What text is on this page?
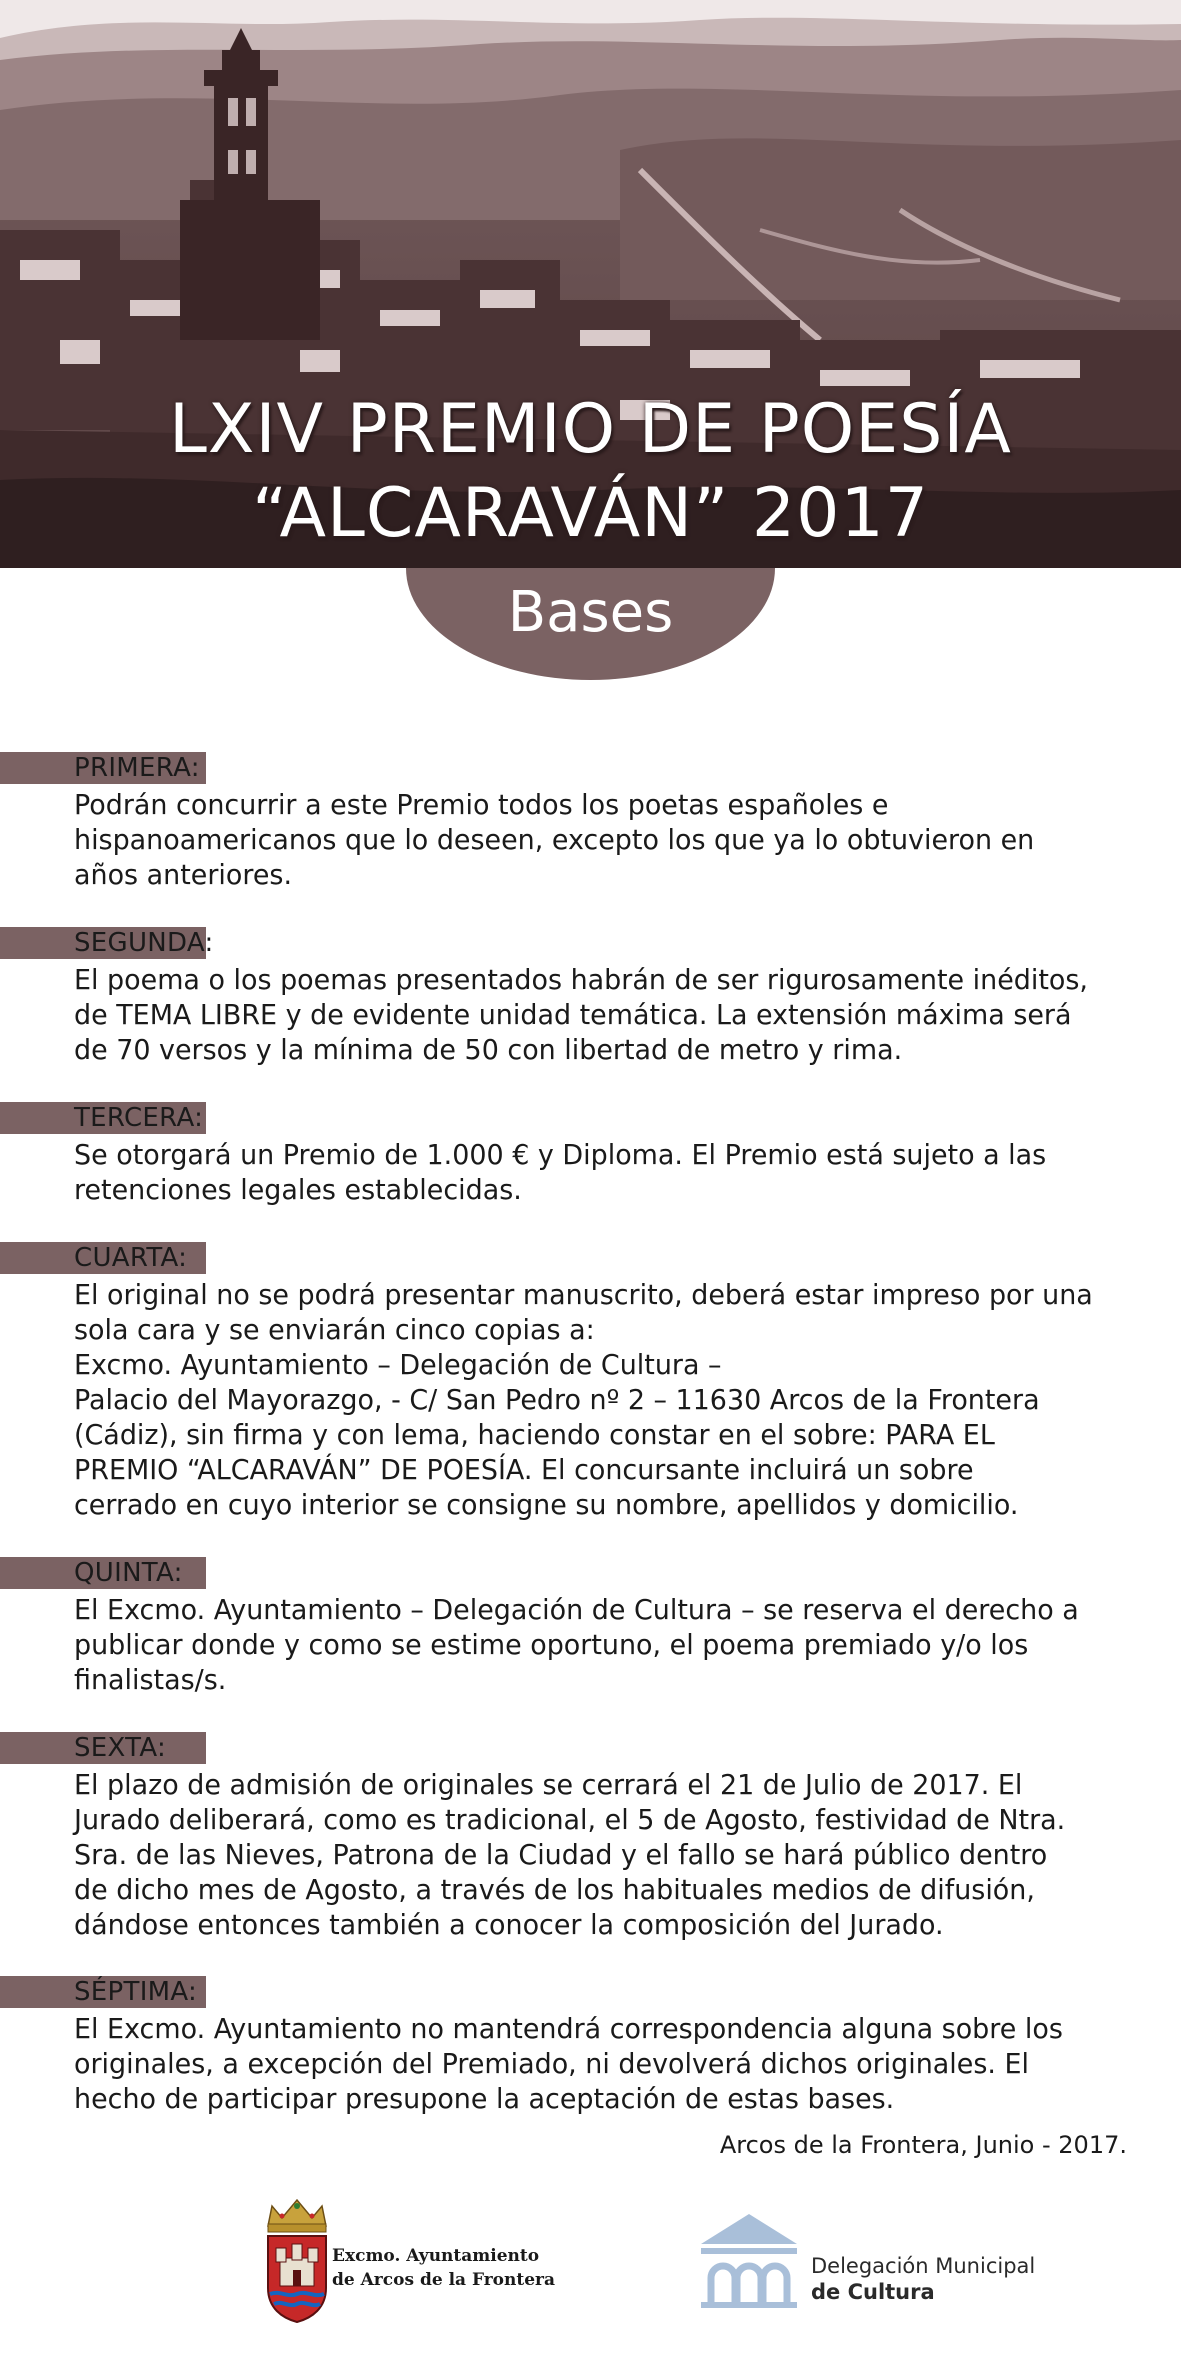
LXIV PREMIO DE POESÍA
“ALCARAVÁN” 2017
Bases
PRIMERA:
Podrán concurrir a este Premio todos los poetas españoles e
hispanoamericanos que lo deseen, excepto los que ya lo obtuvieron en
años anteriores.
SEGUNDA:
El poema o los poemas presentados habrán de ser rigurosamente inéditos,
de TEMA LIBRE y de evidente unidad temática. La extensión máxima será
de 70 versos y la mínima de 50 con libertad de metro y rima.
TERCERA:
Se otorgará un Premio de 1.000 € y Diploma. El Premio está sujeto a las
retenciones legales establecidas.
CUARTA:
El original no se podrá presentar manuscrito, deberá estar impreso por una
sola cara y se enviarán cinco copias a:
Excmo. Ayuntamiento – Delegación de Cultura –
Palacio del Mayorazgo, - C/ San Pedro nº 2 – 11630 Arcos de la Frontera
(Cádiz), sin firma y con lema, haciendo constar en el sobre: PARA EL
PREMIO “ALCARAVÁN” DE POESÍA. El concursante incluirá un sobre
cerrado en cuyo interior se consigne su nombre, apellidos y domicilio.
QUINTA:
El Excmo. Ayuntamiento – Delegación de Cultura – se reserva el derecho a
publicar donde y como se estime oportuno, el poema premiado y/o los
finalistas/s.
SEXTA:
El plazo de admisión de originales se cerrará el 21 de Julio de 2017. El
Jurado deliberará, como es tradicional, el 5 de Agosto, festividad de Ntra.
Sra. de las Nieves, Patrona de la Ciudad y el fallo se hará público dentro
de dicho mes de Agosto, a través de los habituales medios de difusión,
dándose entonces también a conocer la composición del Jurado.
SÉPTIMA:
El Excmo. Ayuntamiento no mantendrá correspondencia alguna sobre los
originales, a excepción del Premiado, ni devolverá dichos originales. El
hecho de participar presupone la aceptación de estas bases.
Arcos de la Frontera, Junio - 2017.
Excmo. Ayuntamiento
de Arcos de la Frontera
Delegación Municipal
de Cultura
